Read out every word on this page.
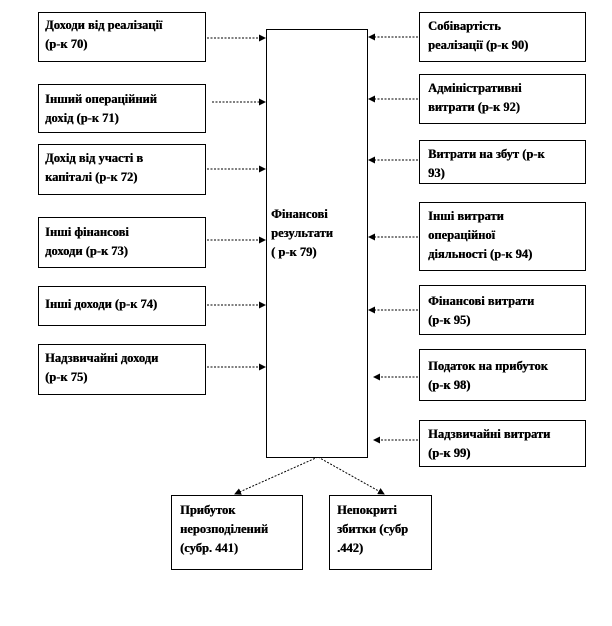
Фінансові
результати
( р-к 79)
Доходи від реалізації
(р-к 70)
Інший операційний
дохід (р-к 71)
Дохід від участі в
капіталі (р-к 72)
Інші фінансові
доходи (р-к 73)
Інші доходи (р-к 74)
Надзвичайні доходи
(р-к 75)
Собівартість
реалізації (р-к 90)
Адміністративні
витрати (р-к 92)
Витрати на збут (р-к
93)
Інші витрати
операційної
діяльності (р-к 94)
Фінансові витрати
(р-к 95)
Податок на прибуток
(р-к 98)
Надзвичайні витрати
(р-к 99)
Прибуток
нерозподілений
(субр. 441)
Непокриті
збитки (субр
.442)
